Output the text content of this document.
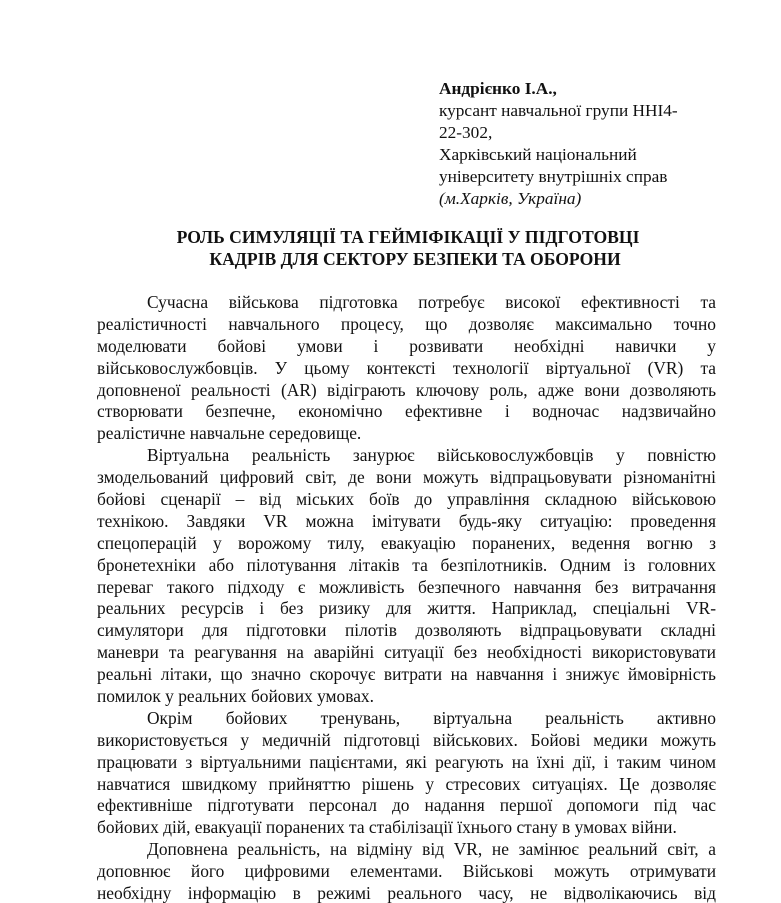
Андрієнко І.А.,
курсант навчальної групи ННІ4-
22-302,
Харківський національний
університету внутрішніх справ
(м.Харків, Україна)
РОЛЬ СИМУЛЯЦІЇ ТА ГЕЙМІФІКАЦІЇ У ПІДГОТОВЦІ
КАДРІВ ДЛЯ СЕКТОРУ БЕЗПЕКИ ТА ОБОРОНИ
Сучасна військова підготовка потребує високої ефективності та
реалістичності навчального процесу, що дозволяє максимально точно
моделювати бойові умови і розвивати необхідні навички у
військовослужбовців. У цьому контексті технології віртуальної (VR) та
доповненої реальності (AR) відіграють ключову роль, адже вони дозволяють
створювати безпечне, економічно ефективне і водночас надзвичайно
реалістичне навчальне середовище.
Віртуальна реальність занурює військовослужбовців у повністю
змодельований цифровий світ, де вони можуть відпрацьовувати різноманітні
бойові сценарії – від міських боїв до управління складною військовою
технікою. Завдяки VR можна імітувати будь-яку ситуацію: проведення
спецоперацій у ворожому тилу, евакуацію поранених, ведення вогню з
бронетехніки або пілотування літаків та безпілотників. Одним із головних
переваг такого підходу є можливість безпечного навчання без витрачання
реальних ресурсів і без ризику для життя. Наприклад, спеціальні VR-
симулятори для підготовки пілотів дозволяють відпрацьовувати складні
маневри та реагування на аварійні ситуації без необхідності використовувати
реальні літаки, що значно скорочує витрати на навчання і знижує ймовірність
помилок у реальних бойових умовах.
Окрім бойових тренувань, віртуальна реальність активно
використовується у медичній підготовці військових. Бойові медики можуть
працювати з віртуальними пацієнтами, які реагують на їхні дії, і таким чином
навчатися швидкому прийняттю рішень у стресових ситуаціях. Це дозволяє
ефективніше підготувати персонал до надання першої допомоги під час
бойових дій, евакуації поранених та стабілізації їхнього стану в умовах війни.
Доповнена реальність, на відміну від VR, не замінює реальний світ, а
доповнює його цифровими елементами. Військові можуть отримувати
необхідну інформацію в режимі реального часу, не відволікаючись від
